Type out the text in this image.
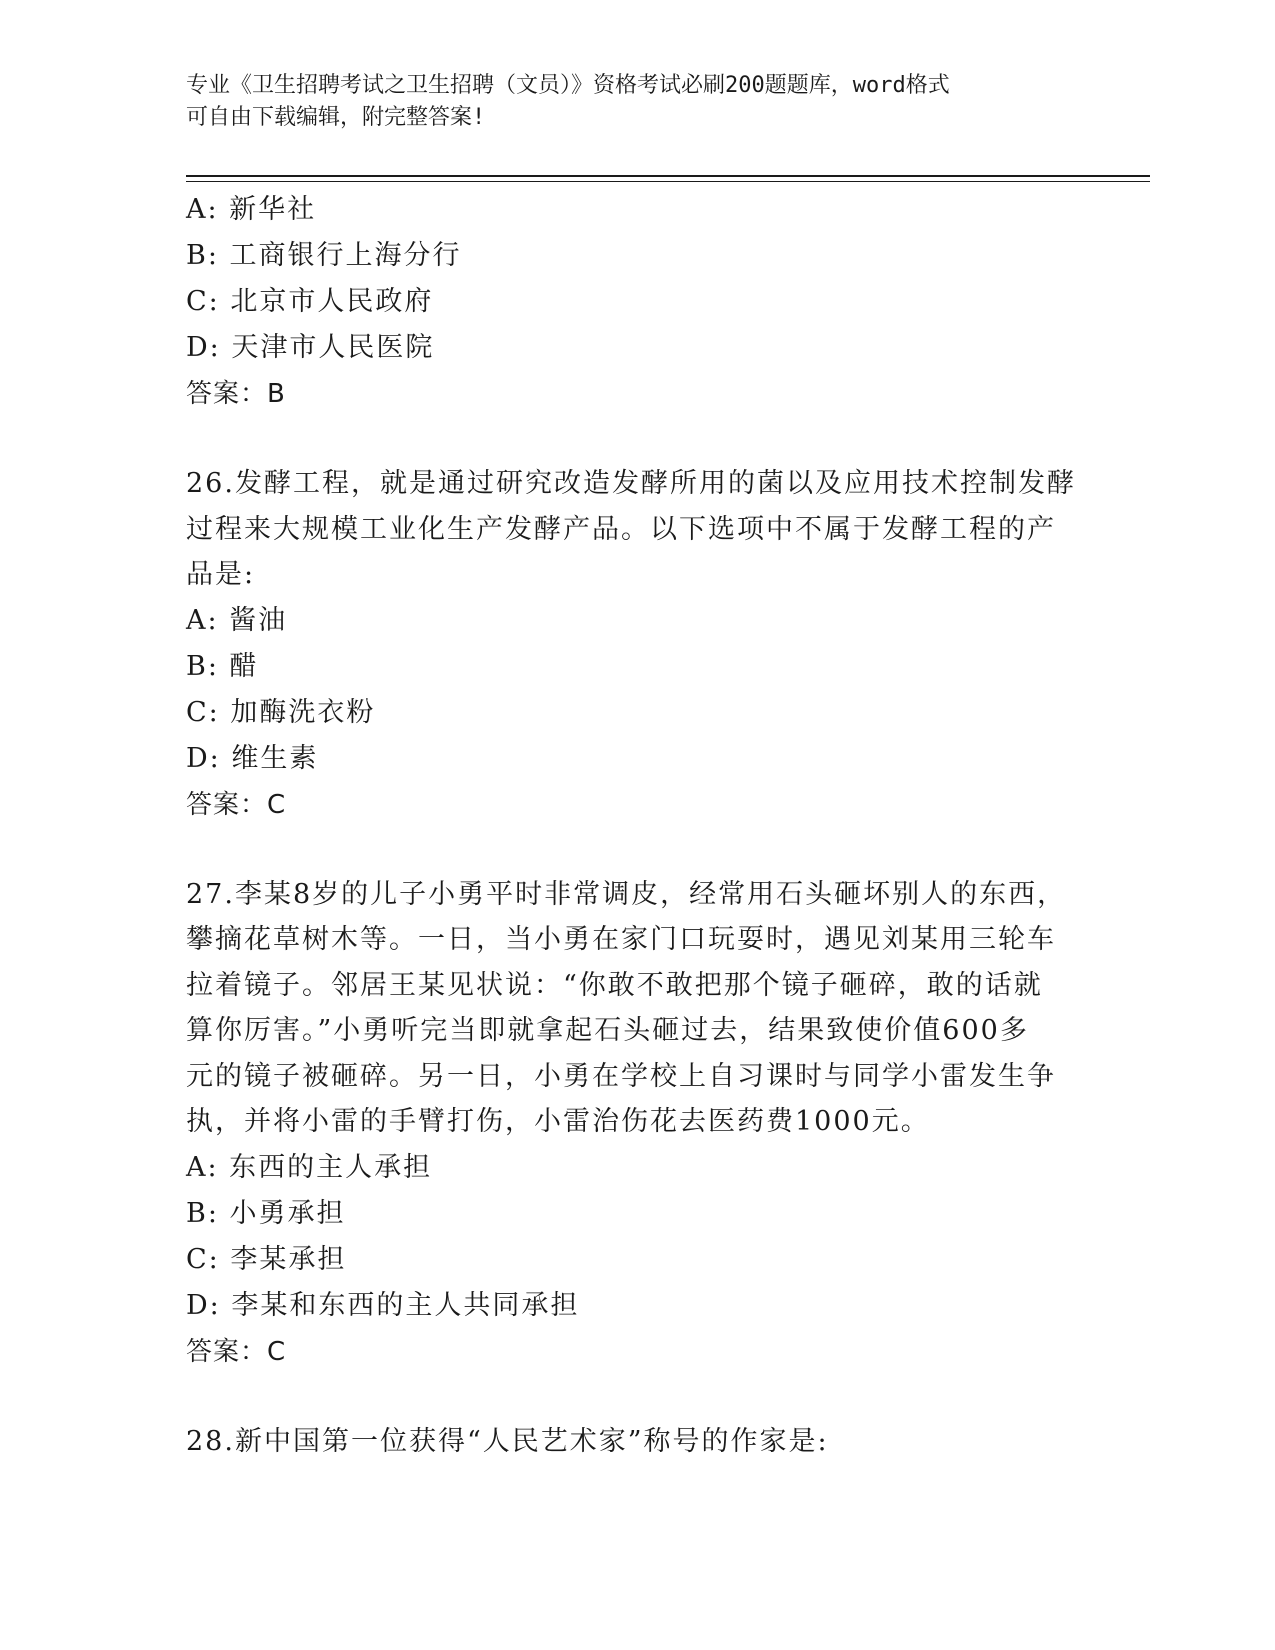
专业《卫生招聘考试之卫生招聘（文员）》资格考试必刷200题题库，word格式
可自由下载编辑，附完整答案!
A: 新华社
B: 工商银行上海分行
C: 北京市人民政府
D: 天津市人民医院
答案：B
26.发酵工程，就是通过研究改造发酵所用的菌以及应用技术控制发酵
过程来大规模工业化生产发酵产品。以下选项中不属于发酵工程的产
品是:
A: 酱油
B: 醋
C: 加酶洗衣粉
D: 维生素
答案：C
27.李某8岁的儿子小勇平时非常调皮，经常用石头砸坏别人的东西，
攀摘花草树木等。一日，当小勇在家门口玩耍时，遇见刘某用三轮车
拉着镜子。邻居王某见状说：“你敢不敢把那个镜子砸碎，敢的话就
算你厉害。”小勇听完当即就拿起石头砸过去，结果致使价值600多
元的镜子被砸碎。另一日，小勇在学校上自习课时与同学小雷发生争
执，并将小雷的手臂打伤，小雷治伤花去医药费1000元。
A: 东西的主人承担
B: 小勇承担
C: 李某承担
D: 李某和东西的主人共同承担
答案：C
28.新中国第一位获得“人民艺术家”称号的作家是:
